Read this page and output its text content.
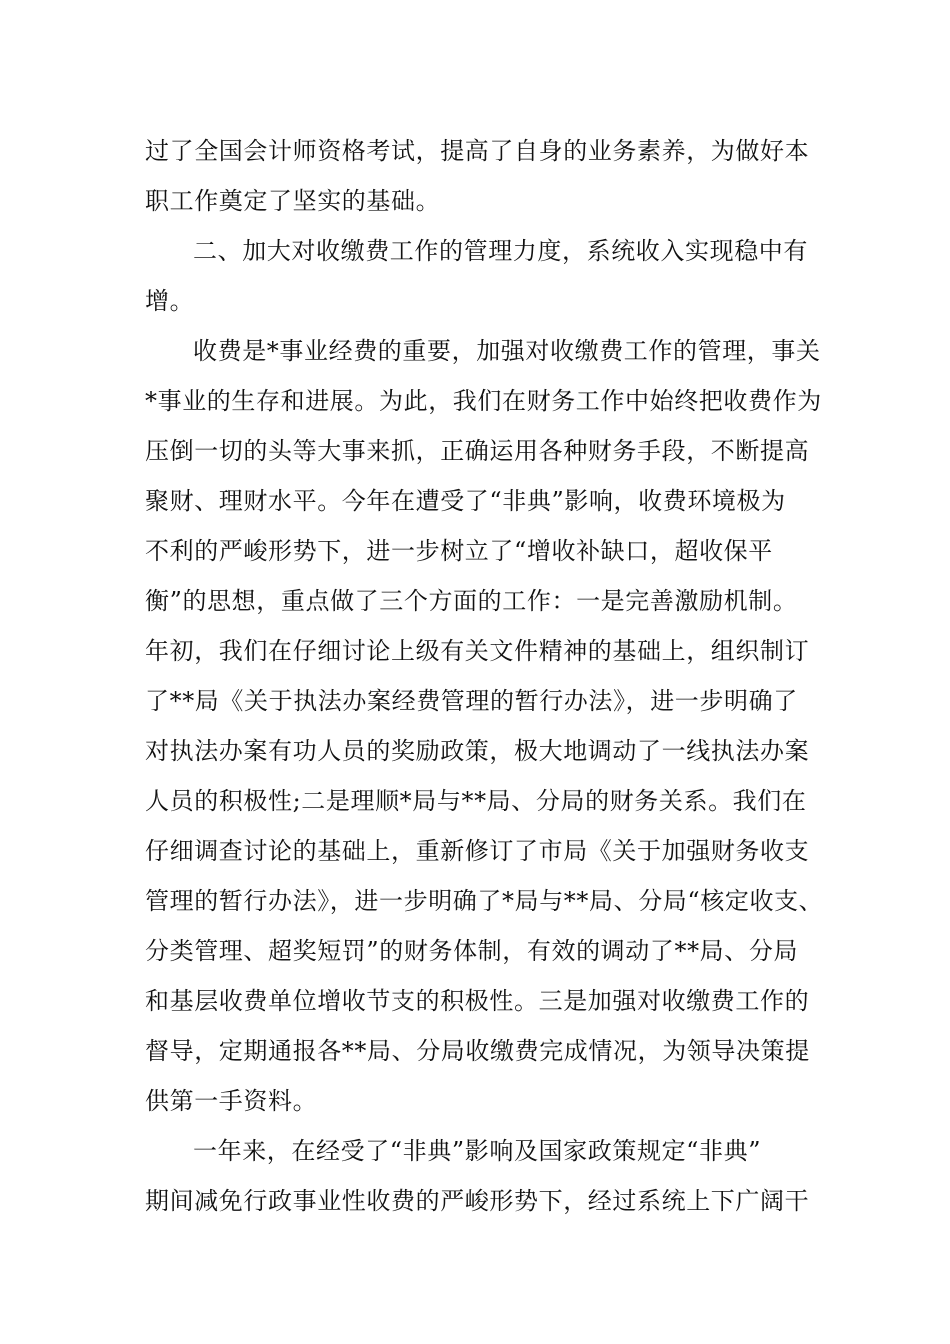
过了全国会计师资格考试，提高了自身的业务素养，为做好本
职工作奠定了坚实的基础。
二、加大对收缴费工作的管理力度，系统收入实现稳中有
增。
收费是*事业经费的重要，加强对收缴费工作的管理，事关
*事业的生存和进展。为此，我们在财务工作中始终把收费作为
压倒一切的头等大事来抓，正确运用各种财务手段，不断提高
聚财、理财水平。今年在遭受了“非典”影响，收费环境极为
不利的严峻形势下，进一步树立了“增收补缺口，超收保平
衡”的思想，重点做了三个方面的工作：一是完善激励机制。
年初，我们在仔细讨论上级有关文件精神的基础上，组织制订
了**局《关于执法办案经费管理的暂行办法》，进一步明确了
对执法办案有功人员的奖励政策，极大地调动了一线执法办案
人员的积极性;二是理顺*局与**局、分局的财务关系。我们在
仔细调查讨论的基础上，重新修订了市局《关于加强财务收支
管理的暂行办法》，进一步明确了*局与**局、分局“核定收支、
分类管理、超奖短罚”的财务体制，有效的调动了**局、分局
和基层收费单位增收节支的积极性。三是加强对收缴费工作的
督导，定期通报各**局、分局收缴费完成情况，为领导决策提
供第一手资料。
一年来，在经受了“非典”影响及国家政策规定“非典”
期间减免行政事业性收费的严峻形势下，经过系统上下广阔干
